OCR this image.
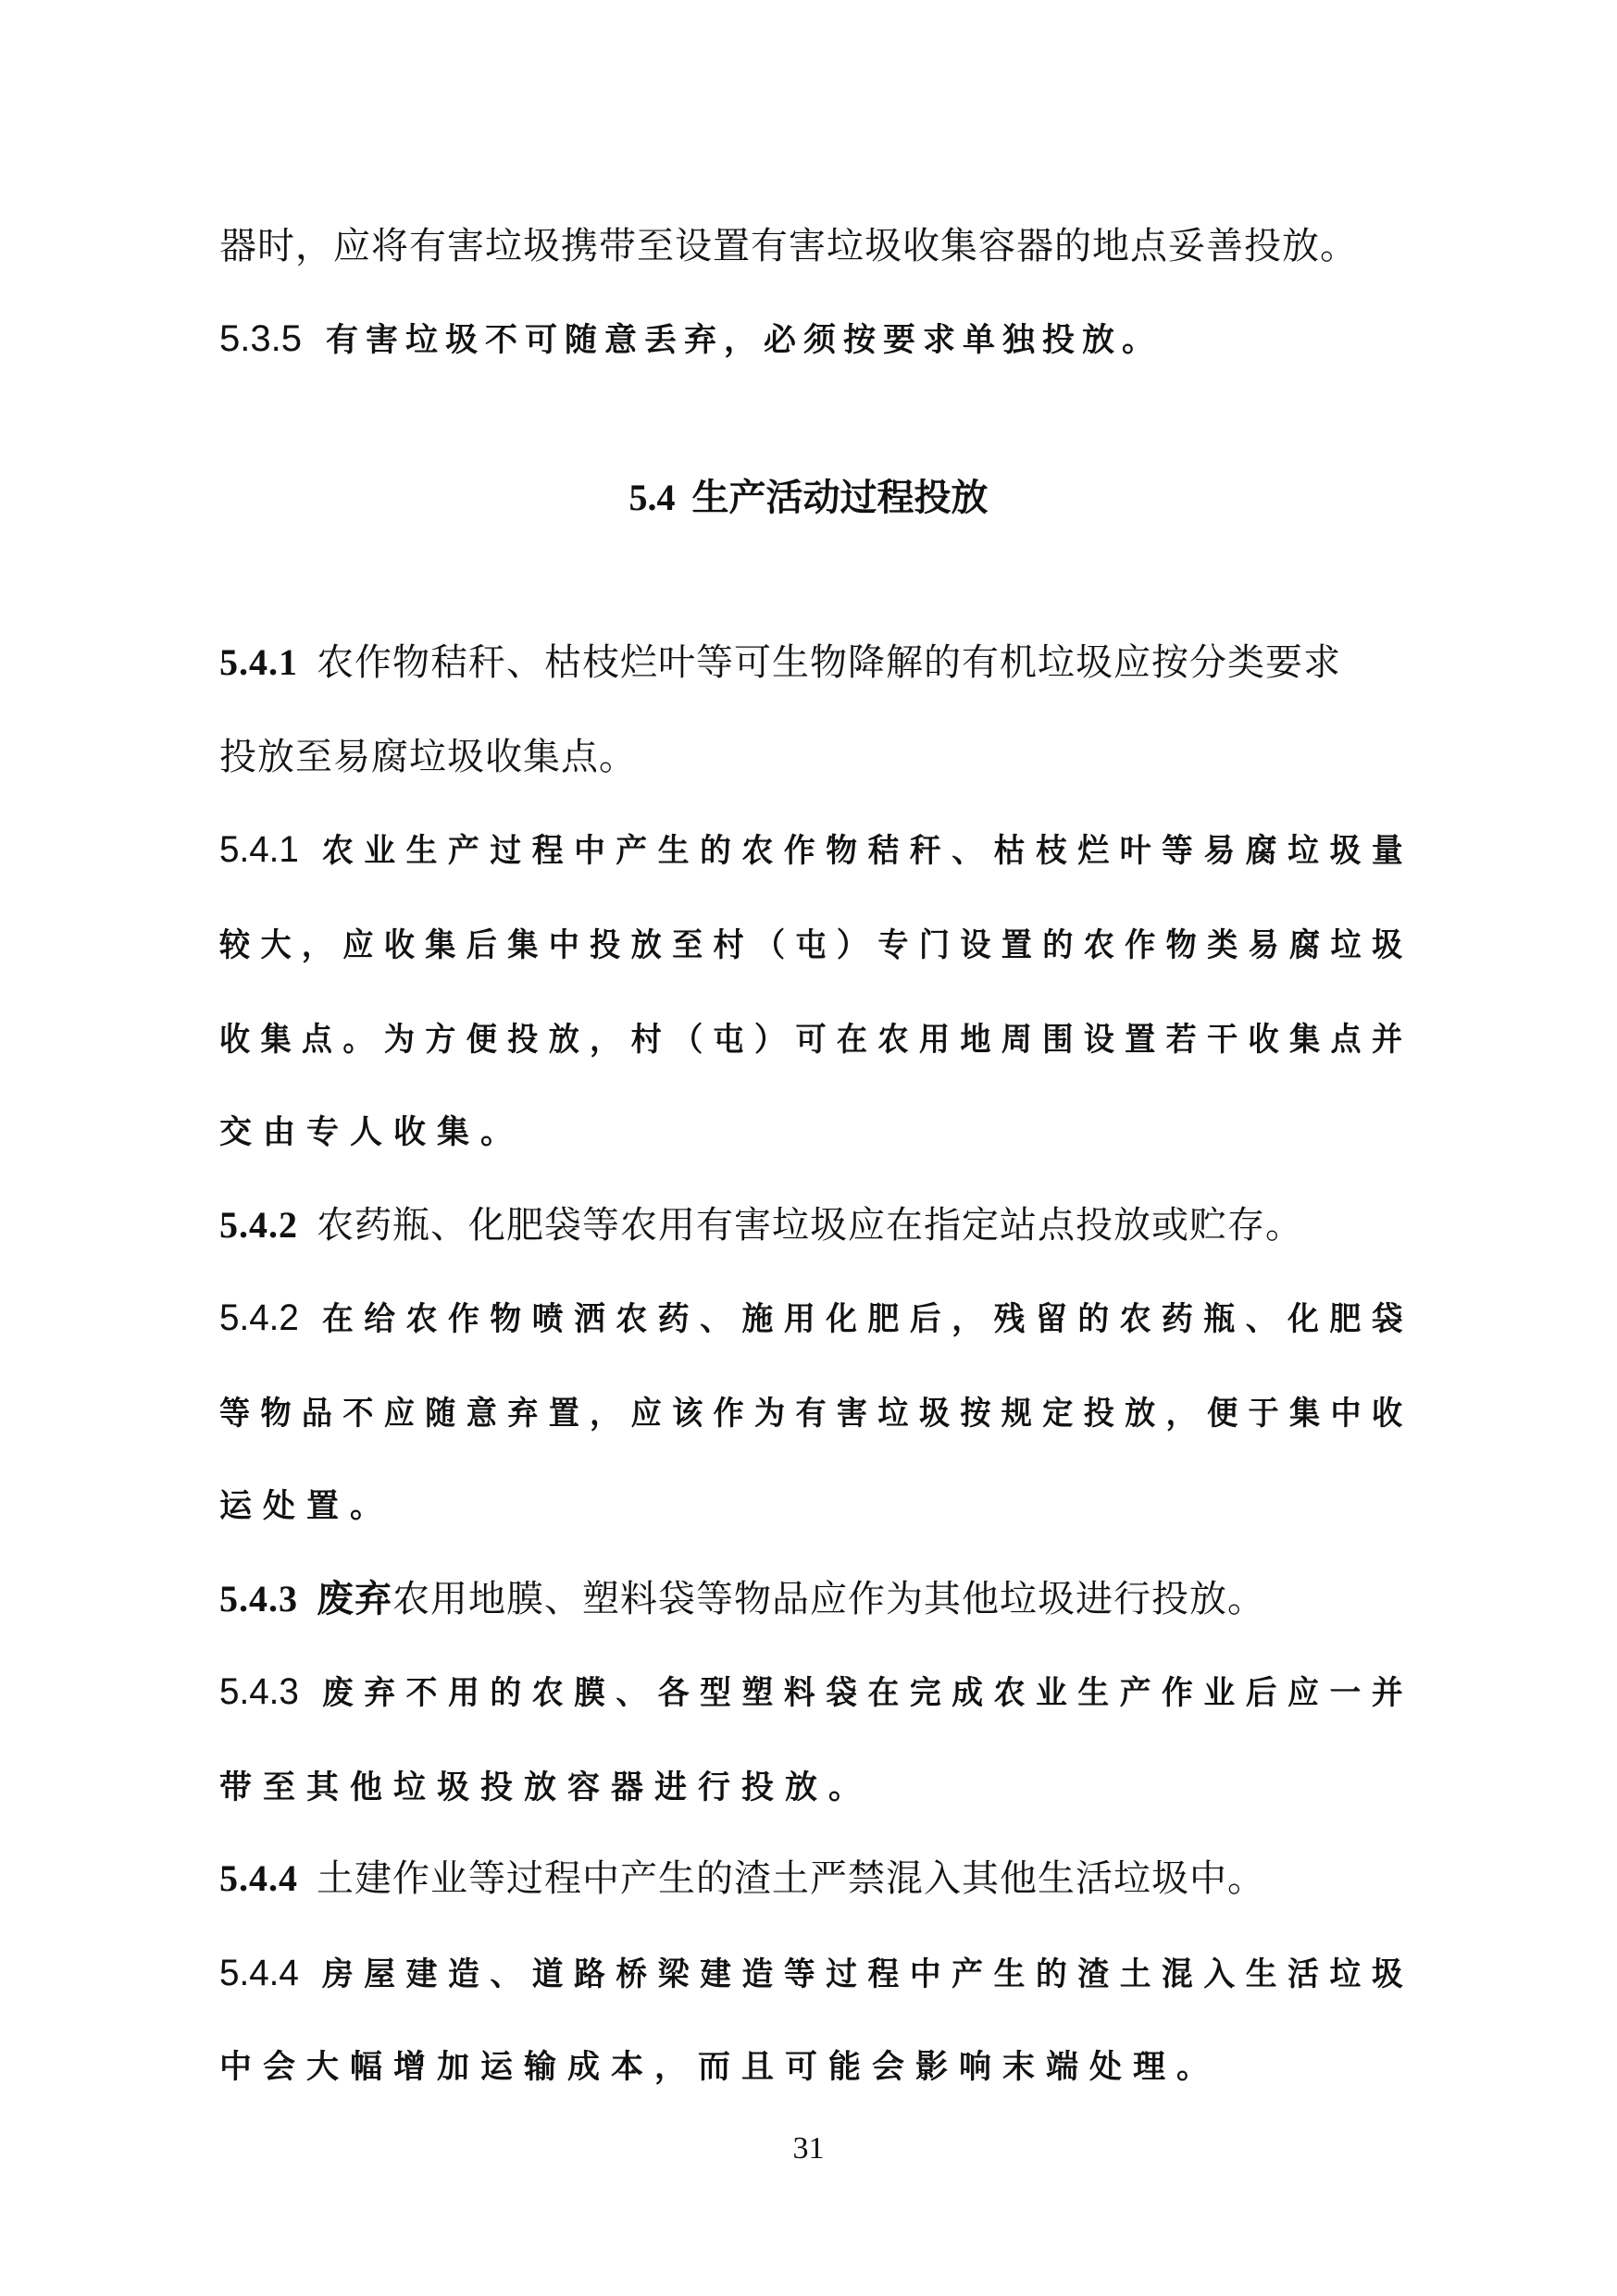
器时，应将有害垃圾携带至设置有害垃圾收集容器的地点妥善投放。
5.3.5 有害垃圾不可随意丢弃，必须按要求单独投放。
5.4 生产活动过程投放
5.4.1 农作物秸秆、枯枝烂叶等可生物降解的有机垃圾应按分类要求
投放至易腐垃圾收集点。
5.4.1 农业生产过程中产生的农作物秸秆、枯枝烂叶等易腐垃圾量
较大，应收集后集中投放至村（屯）专门设置的农作物类易腐垃圾
收集点。为方便投放，村（屯）可在农用地周围设置若干收集点并
交由专人收集。
5.4.2 农药瓶、化肥袋等农用有害垃圾应在指定站点投放或贮存。
5.4.2 在给农作物喷洒农药、施用化肥后，残留的农药瓶、化肥袋
等物品不应随意弃置，应该作为有害垃圾按规定投放，便于集中收
运处置。
5.4.3 废弃农用地膜、塑料袋等物品应作为其他垃圾进行投放。
5.4.3 废弃不用的农膜、各型塑料袋在完成农业生产作业后应一并
带至其他垃圾投放容器进行投放。
5.4.4 土建作业等过程中产生的渣土严禁混入其他生活垃圾中。
5.4.4 房屋建造、道路桥梁建造等过程中产生的渣土混入生活垃圾
中会大幅增加运输成本，而且可能会影响末端处理。
31
